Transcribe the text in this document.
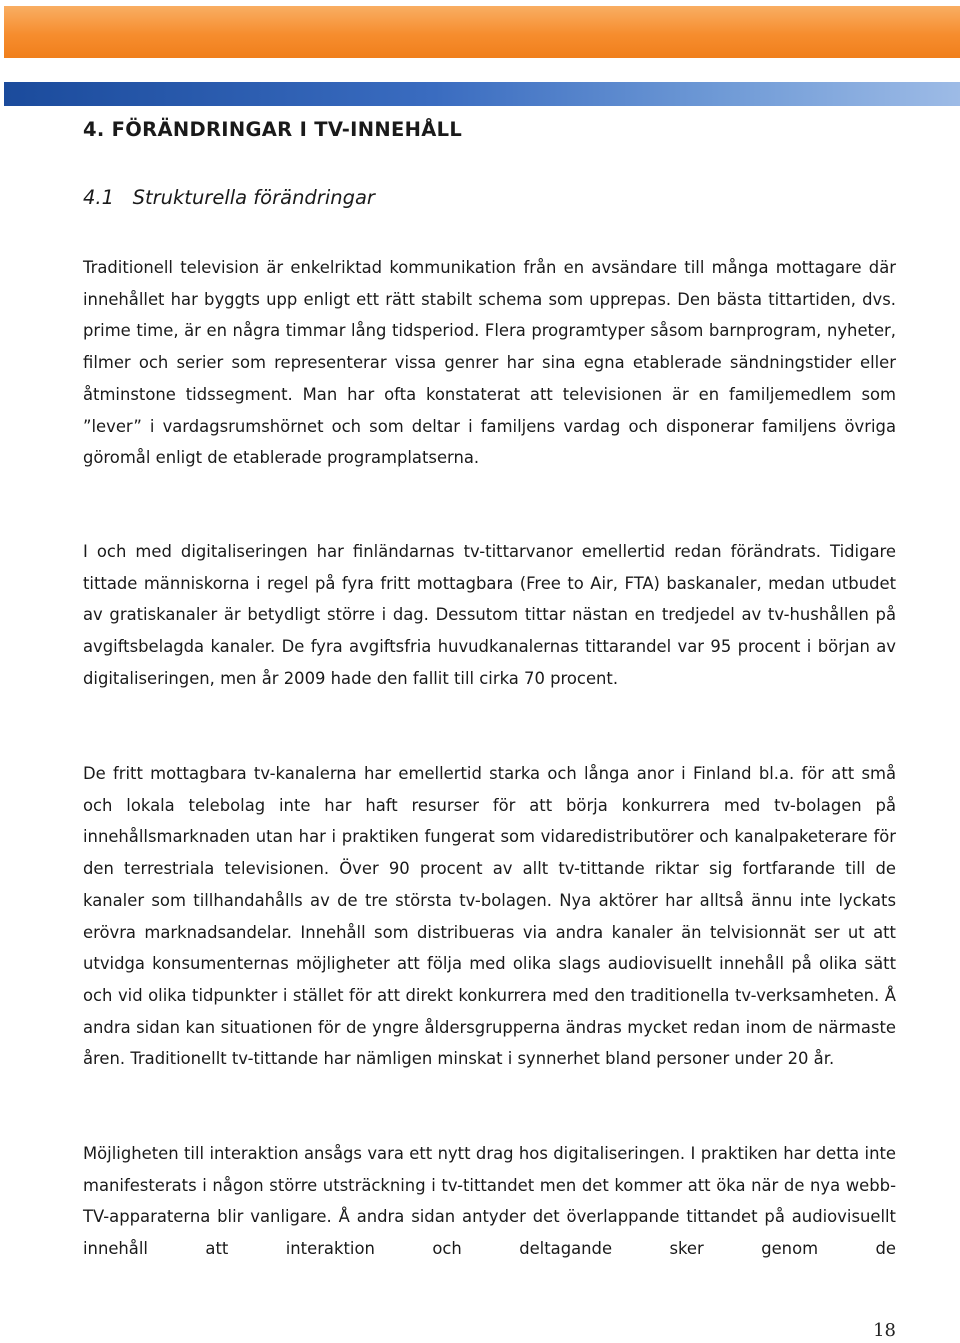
4. FÖRÄNDRINGAR I TV-INNEHÅLL
4.1   Strukturella förändringar

Traditionell television är enkelriktad kommunikation från en avsändare till många mottagare där innehållet har byggts upp enligt ett rätt stabilt schema som upprepas. Den bästa tittartiden, dvs. prime time, är en några timmar lång tidsperiod. Flera programtyper såsom barnprogram, nyheter, filmer och serier som representerar vissa genrer har sina egna etablerade sändningstider eller åtminstone tidssegment. Man har ofta konstaterat att televisionen är en familjemedlem som ”lever” i vardagsrumshörnet och som deltar i familjens vardag och disponerar familjens övriga göromål enligt de etablerade programplatserna.

I och med digitaliseringen har finländarnas tv-tittarvanor emellertid redan förändrats. Tidigare tittade människorna i regel på fyra fritt mottagbara (Free to Air, FTA) baskanaler, medan utbudet av gratiskanaler är betydligt större i dag. Dessutom tittar nästan en tredjedel av tv-hushållen på avgiftsbelagda kanaler. De fyra avgiftsfria huvudkanalernas tittarandel var 95 procent i början av digitaliseringen, men år 2009 hade den fallit till cirka 70 procent.

De fritt mottagbara tv-kanalerna har emellertid starka och långa anor i Finland bl.a. för att små och lokala telebolag inte har haft resurser för att börja konkurrera med tv-bolagen på innehållsmarknaden utan har i praktiken fungerat som vidaredistributörer och kanalpaketerare för den terrestriala televisionen. Över 90 procent av allt tv-tittande riktar sig fortfarande till de kanaler som tillhandahålls av de tre största tv-bolagen. Nya aktörer har alltså ännu inte lyckats erövra marknadsandelar. Innehåll som distribueras via andra kanaler än telvisionnät ser ut att utvidga konsumenternas möjligheter att följa med olika slags audiovisuellt innehåll på olika sätt och vid olika tidpunkter i stället för att direkt konkurrera med den traditionella tv-verksamheten. Å andra sidan kan situationen för de yngre åldersgrupperna ändras mycket redan inom de närmaste åren. Traditionellt tv-tittande har nämligen minskat i synnerhet bland personer under 20 år.

Möjligheten till interaktion ansågs vara ett nytt drag hos digitaliseringen. I praktiken har detta inte manifesterats i någon större utsträckning i tv-tittandet men det kommer att öka när de nya webb-TV-apparaterna blir vanligare. Å andra sidan antyder det överlappande tittandet på audiovisuellt innehåll att interaktion och deltagande sker genom de

18
